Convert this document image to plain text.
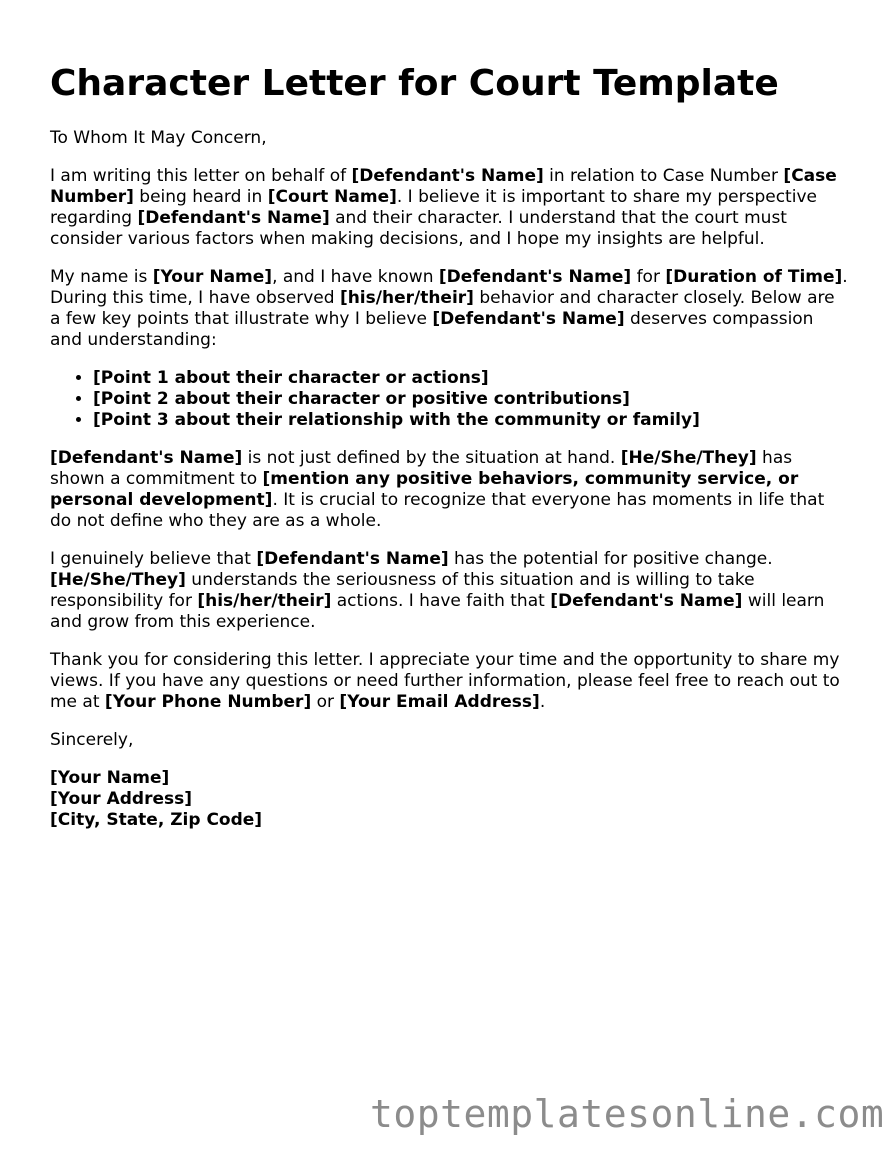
Character Letter for Court Template

To Whom It May Concern,

I am writing this letter on behalf of [Defendant's Name] in relation to Case Number [Case Number] being heard in [Court Name]. I believe it is important to share my perspective regarding [Defendant's Name] and their character. I understand that the court must consider various factors when making decisions, and I hope my insights are helpful.

My name is [Your Name], and I have known [Defendant's Name] for [Duration of Time]. During this time, I have observed [his/her/their] behavior and character closely. Below are a few key points that illustrate why I believe [Defendant's Name] deserves compassion and understanding:

• [Point 1 about their character or actions]
• [Point 2 about their character or positive contributions]
• [Point 3 about their relationship with the community or family]

[Defendant's Name] is not just defined by the situation at hand. [He/She/They] has shown a commitment to [mention any positive behaviors, community service, or personal development]. It is crucial to recognize that everyone has moments in life that do not define who they are as a whole.

I genuinely believe that [Defendant's Name] has the potential for positive change. [He/She/They] understands the seriousness of this situation and is willing to take responsibility for [his/her/their] actions. I have faith that [Defendant's Name] will learn and grow from this experience.

Thank you for considering this letter. I appreciate your time and the opportunity to share my views. If you have any questions or need further information, please feel free to reach out to me at [Your Phone Number] or [Your Email Address].

Sincerely,

[Your Name]

[Your Address]

[City, State, Zip Code]

toptemplatesonline.com
